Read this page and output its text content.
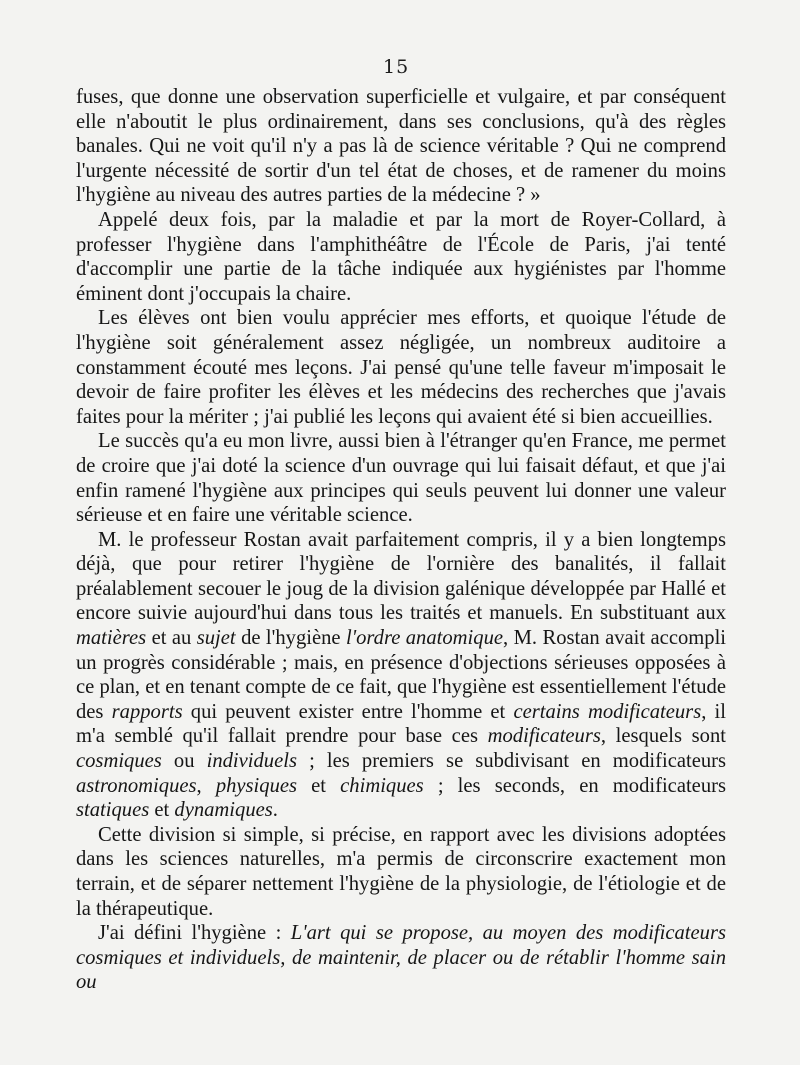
15

fuses, que donne une observation superficielle et vulgaire, et par conséquent elle n'aboutit le plus ordinairement, dans ses conclusions, qu'à des règles banales. Qui ne voit qu'il n'y a pas là de science véritable ? Qui ne comprend l'urgente nécessité de sortir d'un tel état de choses, et de ramener du moins l'hygiène au niveau des autres parties de la médecine ? »

Appelé deux fois, par la maladie et par la mort de Royer-Collard, à professer l'hygiène dans l'amphithéâtre de l'École de Paris, j'ai tenté d'accomplir une partie de la tâche indiquée aux hygiénistes par l'homme éminent dont j'occupais la chaire.

Les élèves ont bien voulu apprécier mes efforts, et quoique l'étude de l'hygiène soit généralement assez négligée, un nombreux auditoire a constamment écouté mes leçons. J'ai pensé qu'une telle faveur m'imposait le devoir de faire profiter les élèves et les médecins des recherches que j'avais faites pour la mériter ; j'ai publié les leçons qui avaient été si bien accueillies.

Le succès qu'a eu mon livre, aussi bien à l'étranger qu'en France, me permet de croire que j'ai doté la science d'un ouvrage qui lui faisait défaut, et que j'ai enfin ramené l'hygiène aux principes qui seuls peuvent lui donner une valeur sérieuse et en faire une véritable science.

M. le professeur Rostan avait parfaitement compris, il y a bien longtemps déjà, que pour retirer l'hygiène de l'ornière des banalités, il fallait préalablement secouer le joug de la division galénique développée par Hallé et encore suivie aujourd'hui dans tous les traités et manuels. En substituant aux matières et au sujet de l'hygiène l'ordre anatomique, M. Rostan avait accompli un progrès considérable ; mais, en présence d'objections sérieuses opposées à ce plan, et en tenant compte de ce fait, que l'hygiène est essentiellement l'étude des rapports qui peuvent exister entre l'homme et certains modificateurs, il m'a semblé qu'il fallait prendre pour base ces modificateurs, lesquels sont cosmiques ou individuels ; les premiers se subdivisant en modificateurs astronomiques, physiques et chimiques ; les seconds, en modificateurs statiques et dynamiques.

Cette division si simple, si précise, en rapport avec les divisions adoptées dans les sciences naturelles, m'a permis de circonscrire exactement mon terrain, et de séparer nettement l'hygiène de la physiologie, de l'étiologie et de la thérapeutique.

J'ai défini l'hygiène : L'art qui se propose, au moyen des modificateurs cosmiques et individuels, de maintenir, de placer ou de rétablir l'homme sain ou
